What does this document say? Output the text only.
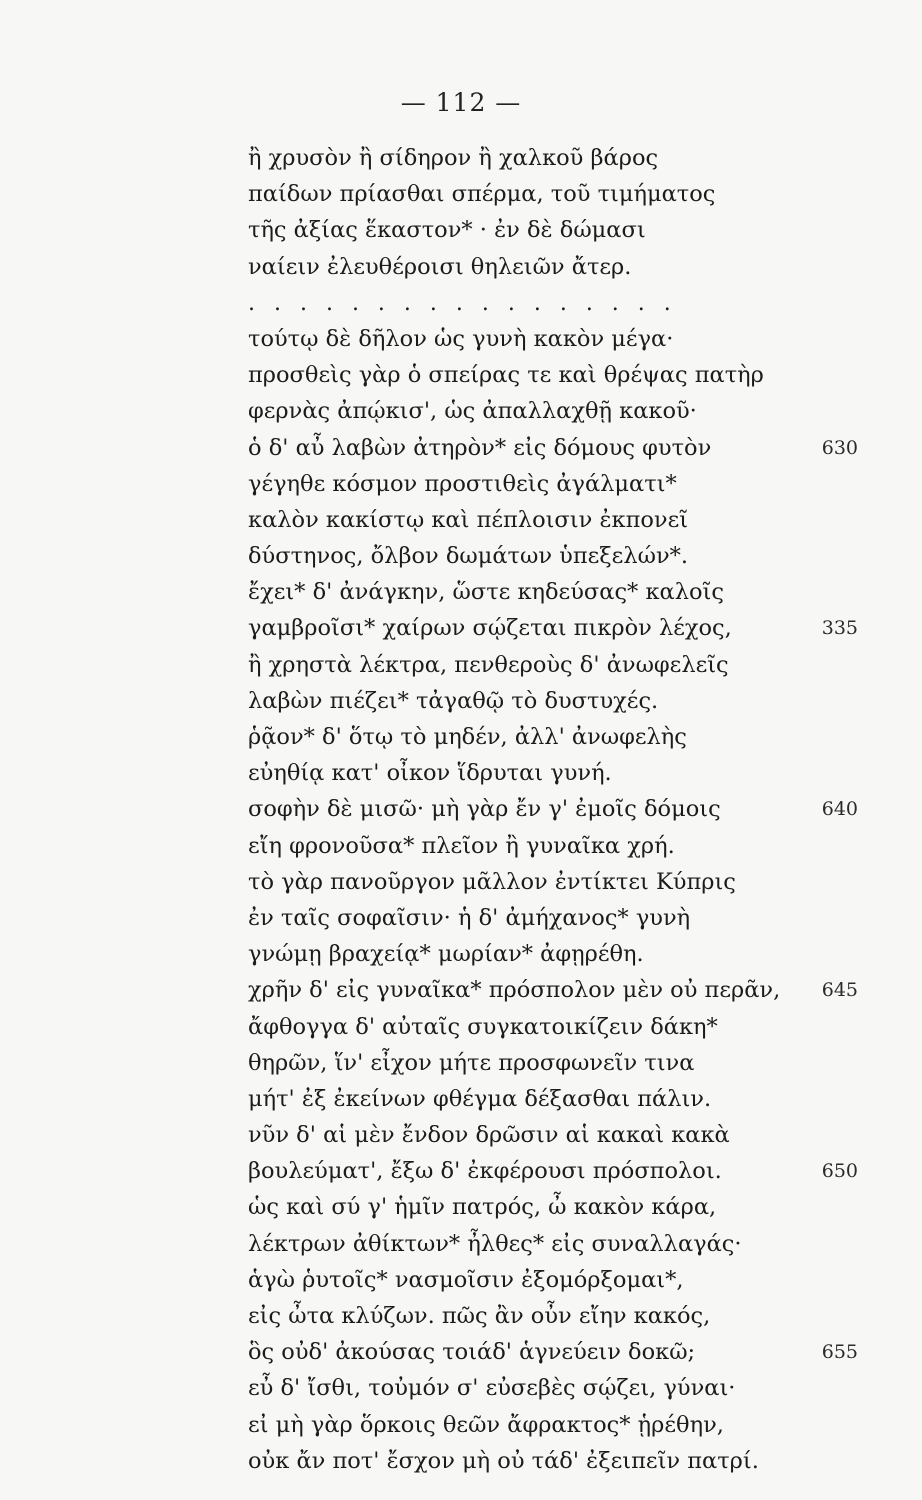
— 112 —
ἢ χρυσὸν ἢ σίδηρον ἢ χαλκοῦ βάρος
παίδων πρίασθαι σπέρμα, τοῦ τιμήματος
τῆς ἀξίας ἕκαστον* · ἐν δὲ δώμασι
ναίειν ἐλευθέροισι θηλειῶν ἄτερ.
. . . . . . . . . . . . . . . . .
τούτῳ δὲ δῆλον ὡς γυνὴ κακὸν μέγα·
προσθεὶς γὰρ ὁ σπείρας τε καὶ θρέψας πατὴρ
φερνὰς ἀπῴκισ', ὡς ἀπαλλαχθῇ κακοῦ·
ὁ δ' αὖ λαβὼν ἀτηρὸν* εἰς δόμους φυτὸν	630
γέγηθε κόσμον προστιθεὶς ἀγάλματι*
καλὸν κακίστῳ καὶ πέπλοισιν ἐκπονεῖ
δύστηνος, ὄλβον δωμάτων ὑπεξελών*.
ἔχει* δ' ἀνάγκην, ὥστε κηδεύσας* καλοῖς
γαμβροῖσι* χαίρων σῴζεται πικρὸν λέχος,	335
ἢ χρηστὰ λέκτρα, πενθεροὺς δ' ἀνωφελεῖς
λαβὼν πιέζει* τἀγαθῷ τὸ δυστυχές.
ῥᾷον* δ' ὅτῳ τὸ μηδέν, ἀλλ' ἀνωφελὴς
εὐηθίᾳ κατ' οἶκον ἵδρυται γυνή.
σοφὴν δὲ μισῶ· μὴ γὰρ ἔν γ' ἐμοῖς δόμοις	640
εἴη φρονοῦσα* πλεῖον ἢ γυναῖκα χρή.
τὸ γὰρ πανοῦργον μᾶλλον ἐντίκτει Κύπρις
ἐν ταῖς σοφαῖσιν· ἡ δ' ἀμήχανος* γυνὴ
γνώμῃ βραχείᾳ* μωρίαν* ἀφῃρέθη.
χρῆν δ' εἰς γυναῖκα* πρόσπολον μὲν οὐ περᾶν, 645
ἄφθογγα δ' αὐταῖς συγκατοικίζειν δάκη*
θηρῶν, ἵν' εἶχον μήτε προσφωνεῖν τινα
μήτ' ἐξ ἐκείνων φθέγμα δέξασθαι πάλιν.
νῦν δ' αἱ μὲν ἔνδον δρῶσιν αἱ κακαὶ κακὰ
βουλεύματ', ἔξω δ' ἐκφέρουσι πρόσπολοι.	650
ὡς καὶ σύ γ' ἡμῖν πατρός, ὦ κακὸν κάρα,
λέκτρων ἀθίκτων* ἦλθες* εἰς συναλλαγάς·
ἁγὼ ῥυτοῖς* νασμοῖσιν ἐξομόρξομαι*,
εἰς ὦτα κλύζων. πῶς ἂν οὖν εἴην κακός,
ὃς οὐδ' ἀκούσας τοιάδ' ἁγνεύειν δοκῶ;	655
εὖ δ' ἴσθι, τοὐμόν σ' εὐσεβὲς σῴζει, γύναι·
εἰ μὴ γὰρ ὅρκοις θεῶν ἄφρακτος* ᾑρέθην,
οὐκ ἄν ποτ' ἔσχον μὴ οὐ τάδ' ἐξειπεῖν πατρί.
